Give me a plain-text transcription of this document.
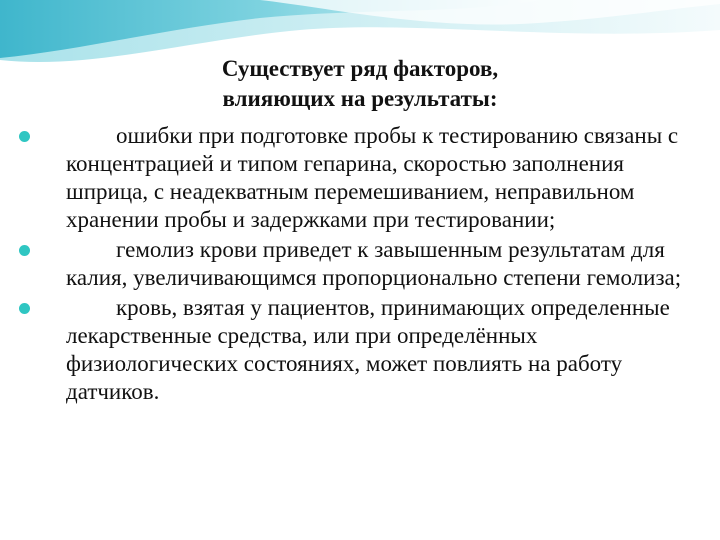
Существует ряд факторов,
влияющих на результаты:
ошибки при подготовке пробы к тестированию связаны с концентрацией и типом гепарина, скоростью заполнения шприца, с неадекватным перемешиванием, неправильном хранении пробы и задержками при тестировании;
гемолиз крови приведет к завышенным результатам для калия, увеличивающимся пропорционально степени гемолиза;
кровь, взятая у пациентов, принимающих определенные лекарственные средства, или при определённых физиологических состояниях, может повлиять на работу датчиков.
